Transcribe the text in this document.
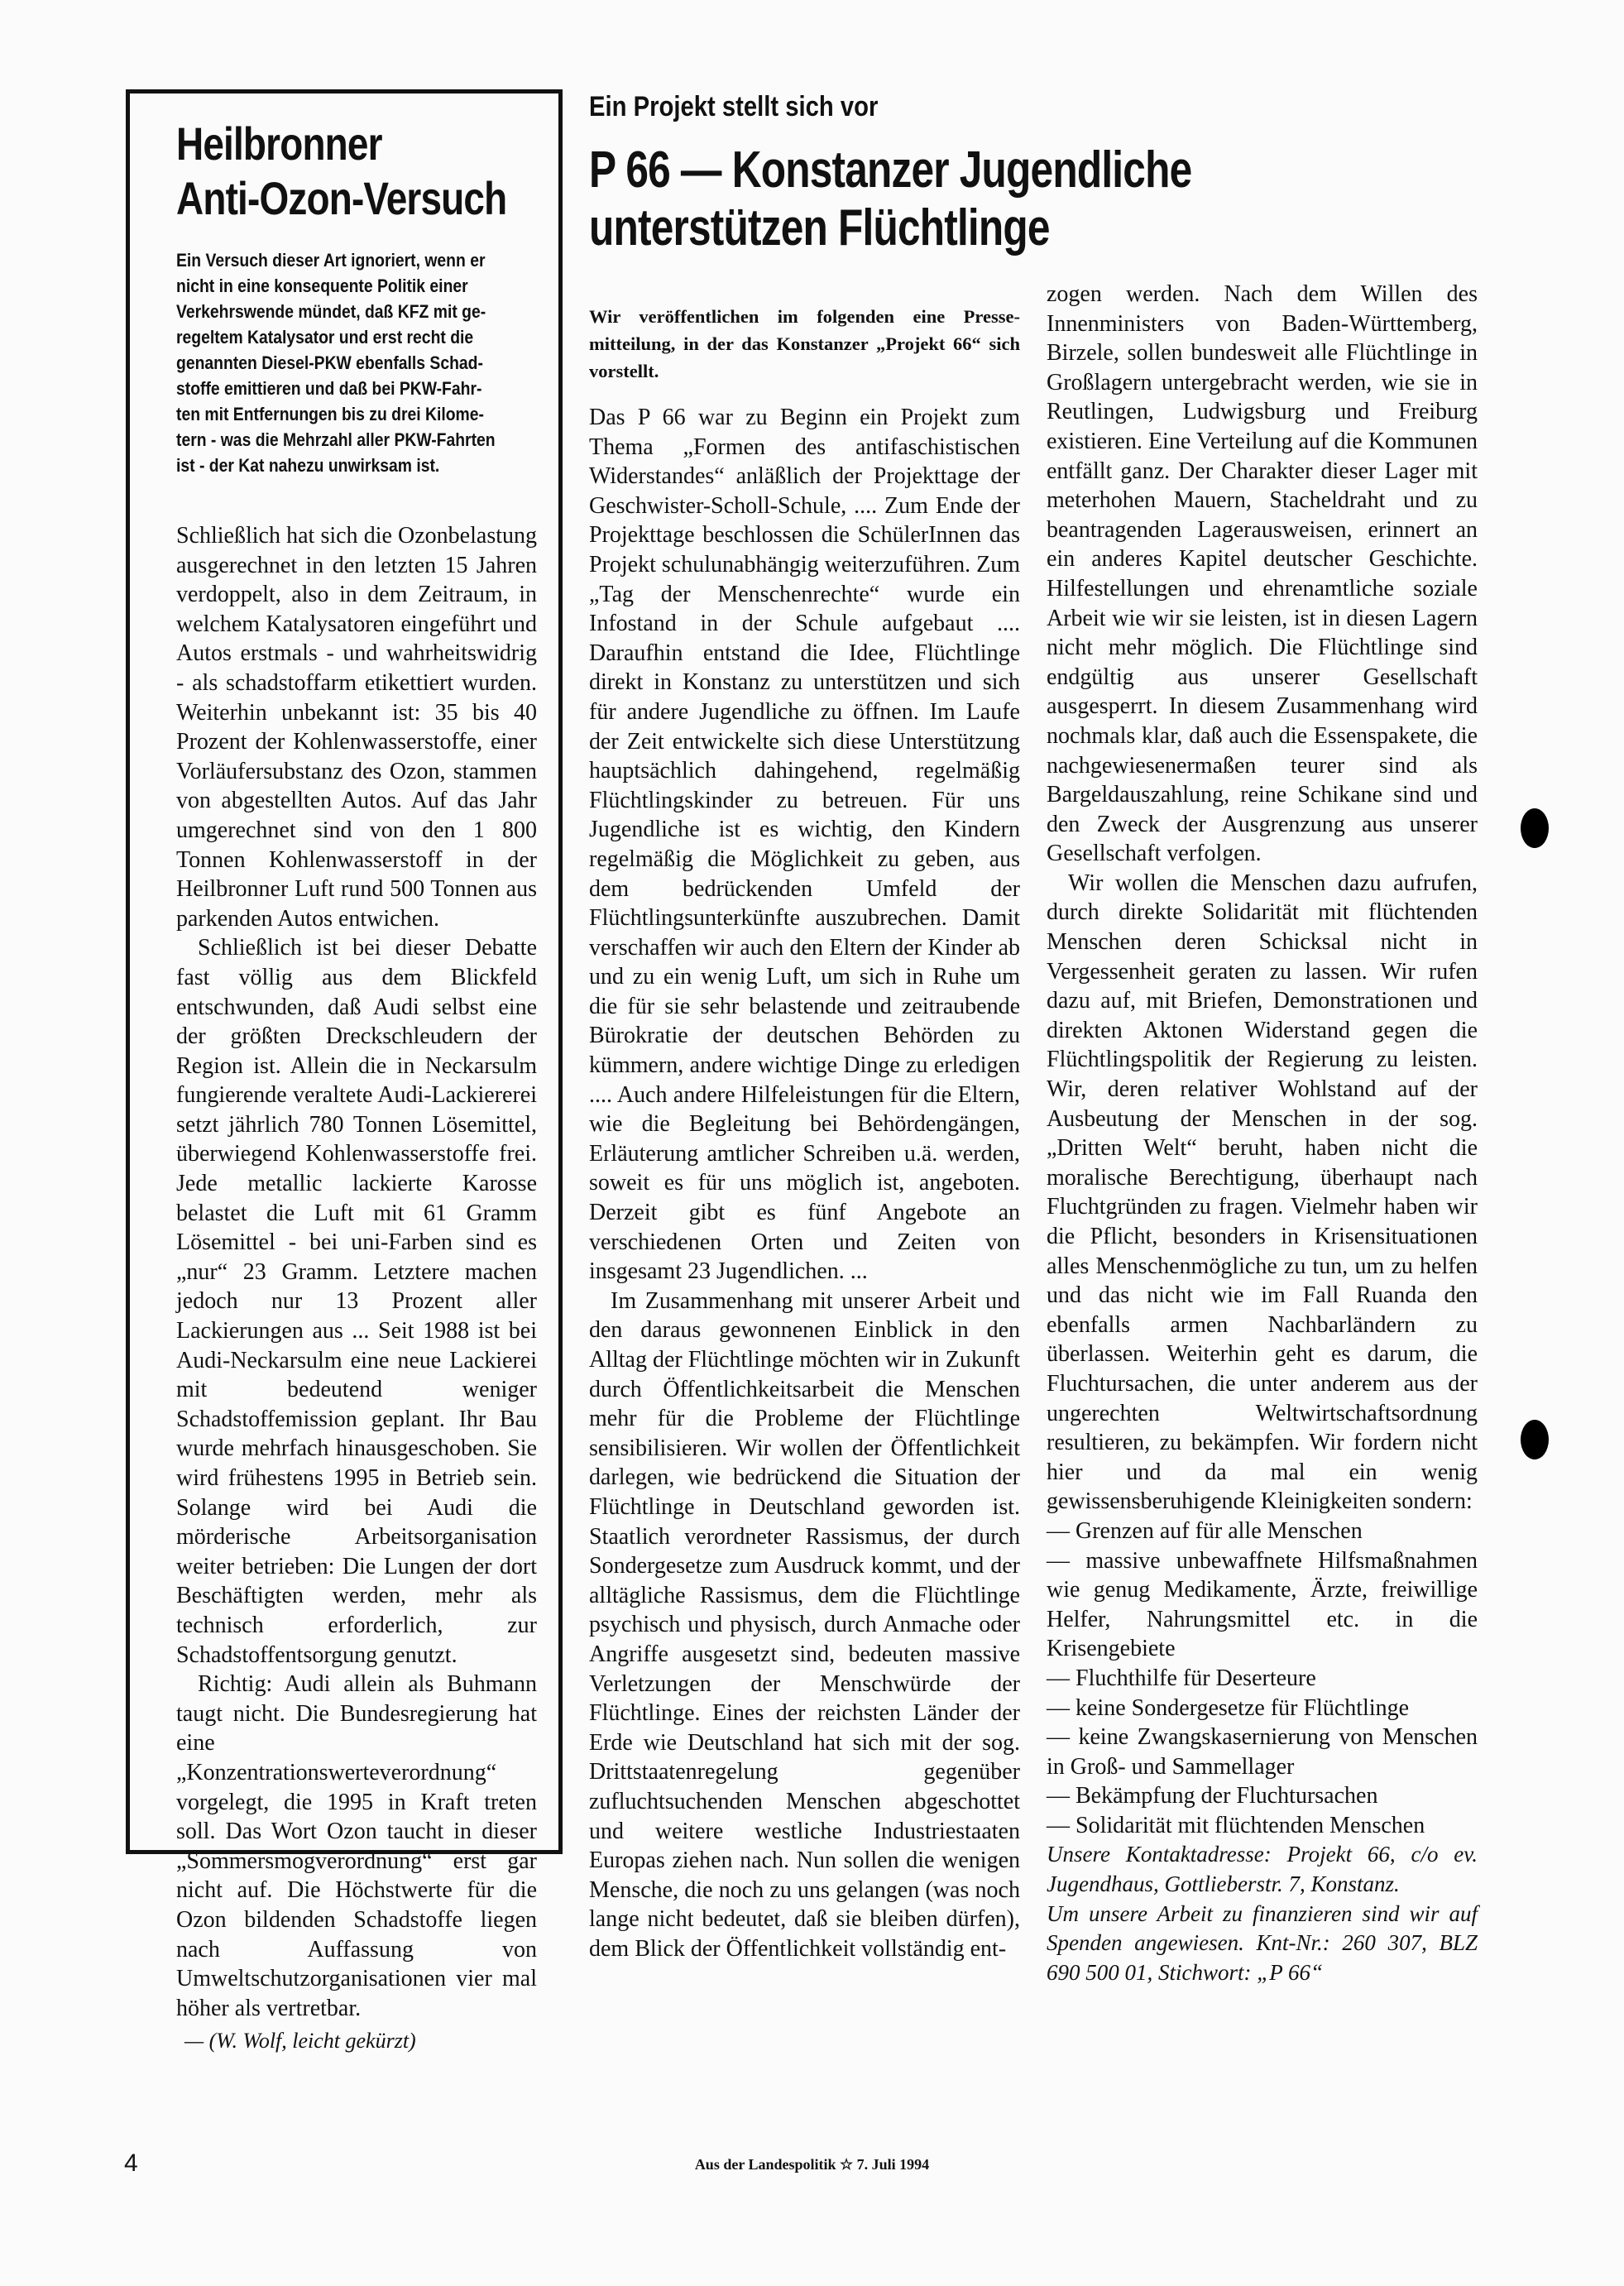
Heilbronner
Anti-Ozon-Versuch
Ein Versuch dieser Art ignoriert, wenn er
nicht in eine konsequente Politik einer
Verkehrswende mündet, daß KFZ mit ge-
regeltem Katalysator und erst recht die
genannten Diesel-PKW ebenfalls Schad-
stoffe emittieren und daß bei PKW-Fahr-
ten mit Entfernungen bis zu drei Kilome-
tern - was die Mehrzahl aller PKW-Fahrten
ist - der Kat nahezu unwirksam ist.

Schließlich hat sich die Ozonbelastung ausgerechnet in den letzten 15 Jahren verdoppelt, also in dem Zeitraum, in welchem Katalysatoren eingeführt und Autos erstmals - und wahrheitswidrig - als schadstoffarm etikettiert wurden. Weiterhin unbekannt ist: 35 bis 40 Prozent der Kohlenwasserstoffe, einer Vorläufersubstanz des Ozon, stammen von abgestellten Autos. Auf das Jahr umgerechnet sind von den 1 800 Tonnen Kohlenwasserstoff in der Heilbronner Luft rund 500 Tonnen aus parkenden Autos entwichen.

Schließlich ist bei dieser Debatte fast völlig aus dem Blickfeld entschwunden, daß Audi selbst eine der größten Dreckschleudern der Region ist. Allein die in Neckarsulm fungierende veraltete Audi-Lackiererei setzt jährlich 780 Tonnen Lösemittel, überwiegend Kohlenwasserstoffe frei. Jede metallic lackierte Karosse belastet die Luft mit 61 Gramm Lösemittel - bei uni-Farben sind es „nur“ 23 Gramm. Letztere machen jedoch nur 13 Prozent aller Lackierungen aus ... Seit 1988 ist bei Audi-Neckarsulm eine neue Lackierei mit bedeutend weniger Schadstoffemission geplant. Ihr Bau wurde mehrfach hinausgeschoben. Sie wird frühestens 1995 in Betrieb sein. Solange wird bei Audi die mörderische Arbeitsorganisation weiter betrieben: Die Lungen der dort Beschäftigten werden, mehr als technisch erforderlich, zur Schadstoffentsorgung genutzt.

Richtig: Audi allein als Buhmann taugt nicht. Die Bundesregierung hat eine „Konzentrationswerteverordnung“ vorgelegt, die 1995 in Kraft treten soll. Das Wort Ozon taucht in dieser „Sommersmogverordnung“ erst gar nicht auf. Die Höchstwerte für die Ozon bildenden Schadstoffe liegen nach Auffassung von Umweltschutzorganisationen vier mal höher als vertretbar.

— (W. Wolf, leicht gekürzt)
Ein Projekt stellt sich vor
P 66 — Konstanzer Jugendliche
unterstützen Flüchtlinge
Wir veröffentlichen im folgenden eine Pressemitteilung, in der das Konstanzer „Projekt 66“ sich vorstellt.

Das P 66 war zu Beginn ein Projekt zum Thema „Formen des antifaschistischen Widerstandes“ anläßlich der Projekttage der Geschwister-Scholl-Schule, .... Zum Ende der Projekttage beschlossen die SchülerInnen das Projekt schulunabhängig weiterzuführen. Zum „Tag der Menschenrechte“ wurde ein Infostand in der Schule aufgebaut .... Daraufhin entstand die Idee, Flüchtlinge direkt in Konstanz zu unterstützen und sich für andere Jugendliche zu öffnen. Im Laufe der Zeit entwickelte sich diese Unterstützung hauptsächlich dahingehend, regelmäßig Flüchtlingskinder zu betreuen. Für uns Jugendliche ist es wichtig, den Kindern regelmäßig die Möglichkeit zu geben, aus dem bedrückenden Umfeld der Flüchtlingsunterkünfte auszubrechen. Damit verschaffen wir auch den Eltern der Kinder ab und zu ein wenig Luft, um sich in Ruhe um die für sie sehr belastende und zeitraubende Bürokratie der deutschen Behörden zu kümmern, andere wichtige Dinge zu erledigen .... Auch andere Hilfeleistungen für die Eltern, wie die Begleitung bei Behördengängen, Erläuterung amtlicher Schreiben u.ä. werden, soweit es für uns möglich ist, angeboten. Derzeit gibt es fünf Angebote an verschiedenen Orten und Zeiten von insgesamt 23 Jugendlichen. ...

Im Zusammenhang mit unserer Arbeit und den daraus gewonnenen Einblick in den Alltag der Flüchtlinge möchten wir in Zukunft durch Öffentlichkeitsarbeit die Menschen mehr für die Probleme der Flüchtlinge sensibilisieren. Wir wollen der Öffentlichkeit darlegen, wie bedrückend die Situation der Flüchtlinge in Deutschland geworden ist. Staatlich verordneter Rassismus, der durch Sondergesetze zum Ausdruck kommt, und der alltägliche Rassismus, dem die Flüchtlinge psychisch und physisch, durch Anmache oder Angriffe ausgesetzt sind, bedeuten massive Verletzungen der Menschwürde der Flüchtlinge. Eines der reichsten Länder der Erde wie Deutschland hat sich mit der sog. Drittstaatenregelung gegenüber zufluchtsuchenden Menschen abgeschottet und weitere westliche Industriestaaten Europas ziehen nach. Nun sollen die wenigen Mensche, die noch zu uns gelangen (was noch lange nicht bedeutet, daß sie bleiben dürfen), dem Blick der Öffentlichkeit vollständig ent-

zogen werden. Nach dem Willen des Innenministers von Baden-Württemberg, Birzele, sollen bundesweit alle Flüchtlinge in Großlagern untergebracht werden, wie sie in Reutlingen, Ludwigsburg und Freiburg existieren. Eine Verteilung auf die Kommunen entfällt ganz. Der Charakter dieser Lager mit meterhohen Mauern, Stacheldraht und zu beantragenden Lagerausweisen, erinnert an ein anderes Kapitel deutscher Geschichte. Hilfestellungen und ehrenamtliche soziale Arbeit wie wir sie leisten, ist in diesen Lagern nicht mehr möglich. Die Flüchtlinge sind endgültig aus unserer Gesellschaft ausgesperrt. In diesem Zusammenhang wird nochmals klar, daß auch die Essenspakete, die nachgewiesenermaßen teurer sind als Bargeldauszahlung, reine Schikane sind und den Zweck der Ausgrenzung aus unserer Gesellschaft verfolgen.

Wir wollen die Menschen dazu aufrufen, durch direkte Solidarität mit flüchtenden Menschen deren Schicksal nicht in Vergessenheit geraten zu lassen. Wir rufen dazu auf, mit Briefen, Demonstrationen und direkten Aktonen Widerstand gegen die Flüchtlingspolitik der Regierung zu leisten. Wir, deren relativer Wohlstand auf der Ausbeutung der Menschen in der sog. „Dritten Welt“ beruht, haben nicht die moralische Berechtigung, überhaupt nach Fluchtgründen zu fragen. Vielmehr haben wir die Pflicht, besonders in Krisensituationen alles Menschenmögliche zu tun, um zu helfen und das nicht wie im Fall Ruanda den ebenfalls armen Nachbarländern zu überlassen. Weiterhin geht es darum, die Fluchtursachen, die unter anderem aus der ungerechten Weltwirtschaftsordnung resultieren, zu bekämpfen. Wir fordern nicht hier und da mal ein wenig gewissensberuhigende Kleinigkeiten sondern:

— Grenzen auf für alle Menschen
— massive unbewaffnete Hilfsmaßnahmen wie genug Medikamente, Ärzte, freiwillige Helfer, Nahrungsmittel etc. in die Krisengebiete
— Fluchthilfe für Deserteure
— keine Sondergesetze für Flüchtlinge
— keine Zwangskasernierung von Menschen in Groß- und Sammellager
— Bekämpfung der Fluchtursachen
— Solidarität mit flüchtenden Menschen
Unsere Kontaktadresse: Projekt 66, c/o ev. Jugendhaus, Gottlieberstr. 7, Konstanz.
Um unsere Arbeit zu finanzieren sind wir auf Spenden angewiesen. Knt-Nr.: 260 307, BLZ 690 500 01, Stichwort: „P 66“
4	Aus der Landespolitik ☆ 7. Juli 1994
